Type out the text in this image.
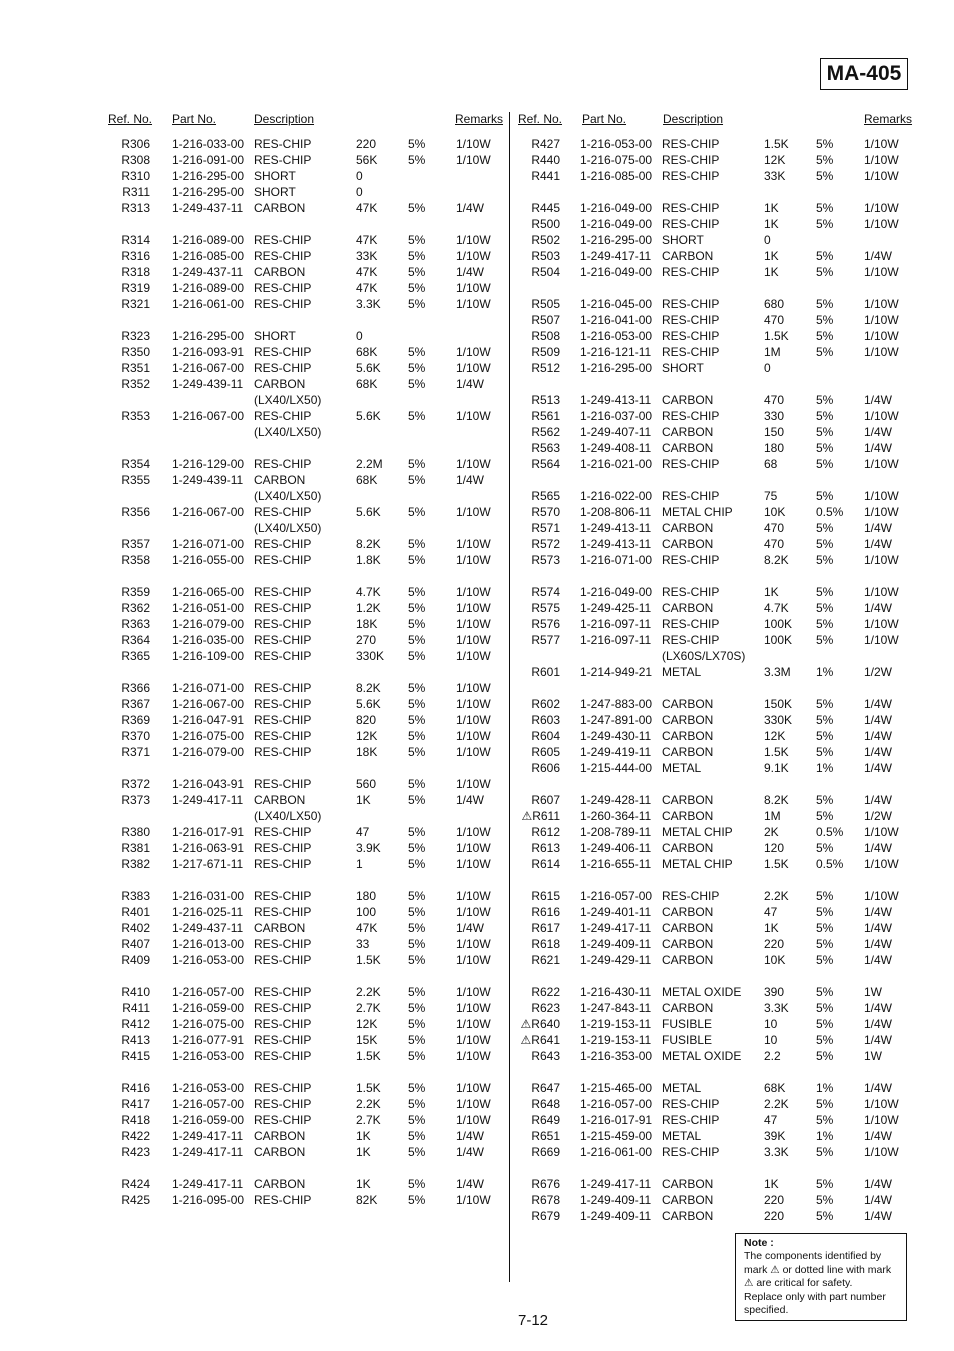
MA-405
Ref. No. Part No.	Description	Remarks
R306 1-216-033-00 RES-CHIP	220	5%	1/10W
R308 1-216-091-00 RES-CHIP	56K	5%	1/10W
R310 1-216-295-00 SHORT	0
R311 1-216-295-00 SHORT	0
R313 1-249-437-11 CARBON	47K	5%	1/4W
R314 1-216-089-00 RES-CHIP	47K	5%	1/10W
R316 1-216-085-00 RES-CHIP	33K	5%	1/10W
R318 1-249-437-11 CARBON	47K	5%	1/4W
R319 1-216-089-00 RES-CHIP	47K	5%	1/10W
R321 1-216-061-00 RES-CHIP	3.3K 5%	1/10W
R323 1-216-295-00 SHORT	0
R350 1-216-093-91 RES-CHIP	68K	5%	1/10W
R351 1-216-067-00 RES-CHIP	5.6K 5%	1/10W
R352 1-249-439-11 CARBON	68K	5%	1/4W
(LX40/LX50)
R353 1-216-067-00 RES-CHIP	5.6K 5%	1/10W
(LX40/LX50)
R354 1-216-129-00 RES-CHIP	2.2M 5%	1/10W
R355 1-249-439-11 CARBON	68K	5%	1/4W
(LX40/LX50)
R356 1-216-067-00 RES-CHIP	5.6K 5%	1/10W
(LX40/LX50)
R357 1-216-071-00 RES-CHIP	8.2K 5%	1/10W
R358 1-216-055-00 RES-CHIP	1.8K 5%	1/10W
R359 1-216-065-00 RES-CHIP	4.7K 5%	1/10W
R362 1-216-051-00 RES-CHIP	1.2K 5%	1/10W
R363 1-216-079-00 RES-CHIP	18K	5%	1/10W
R364 1-216-035-00 RES-CHIP	270	5%	1/10W
R365 1-216-109-00 RES-CHIP	330K 5%	1/10W
R366 1-216-071-00 RES-CHIP	8.2K 5%	1/10W
R367 1-216-067-00 RES-CHIP	5.6K 5%	1/10W
R369 1-216-047-91 RES-CHIP	820	5%	1/10W
R370 1-216-075-00 RES-CHIP	12K	5%	1/10W
R371 1-216-079-00 RES-CHIP	18K	5%	1/10W
R372 1-216-043-91 RES-CHIP	560	5%	1/10W
R373 1-249-417-11 CARBON	1K	5%	1/4W
(LX40/LX50)
R380 1-216-017-91 RES-CHIP	47	5%	1/10W
R381 1-216-063-91 RES-CHIP	3.9K 5%	1/10W
R382 1-217-671-11 RES-CHIP	1	5%	1/10W
R383 1-216-031-00 RES-CHIP	180	5%	1/10W
R401 1-216-025-11 RES-CHIP	100	5%	1/10W
R402 1-249-437-11 CARBON	47K	5%	1/4W
R407 1-216-013-00 RES-CHIP	33	5%	1/10W
R409 1-216-053-00 RES-CHIP	1.5K 5%	1/10W
R410 1-216-057-00 RES-CHIP	2.2K 5%	1/10W
R411 1-216-059-00 RES-CHIP	2.7K 5%	1/10W
R412 1-216-075-00 RES-CHIP	12K	5%	1/10W
R413 1-216-077-91 RES-CHIP	15K	5%	1/10W
R415 1-216-053-00 RES-CHIP	1.5K 5%	1/10W
R416 1-216-053-00 RES-CHIP	1.5K 5%	1/10W
R417 1-216-057-00 RES-CHIP	2.2K 5%	1/10W
R418 1-216-059-00 RES-CHIP	2.7K 5%	1/10W
R422 1-249-417-11 CARBON	1K	5%	1/4W
R423 1-249-417-11 CARBON	1K	5%	1/4W
R424 1-249-417-11 CARBON	1K	5%	1/4W
R425 1-216-095-00 RES-CHIP	82K	5%	1/10W
Ref. No. Part No.	Description	Remarks
R427 1-216-053-00 RES-CHIP	1.5K 5%	1/10W
R440 1-216-075-00 RES-CHIP	12K	5%	1/10W
R441 1-216-085-00 RES-CHIP	33K	5%	1/10W
R445 1-216-049-00 RES-CHIP	1K	5%	1/10W
R500 1-216-049-00 RES-CHIP	1K	5%	1/10W
R502 1-216-295-00 SHORT	0
R503 1-249-417-11 CARBON	1K	5%	1/4W
R504 1-216-049-00 RES-CHIP	1K	5%	1/10W
R505 1-216-045-00 RES-CHIP	680	5%	1/10W
R507 1-216-041-00 RES-CHIP	470	5%	1/10W
R508 1-216-053-00 RES-CHIP	1.5K 5%	1/10W
R509 1-216-121-11 RES-CHIP	1M	5%	1/10W
R512 1-216-295-00 SHORT	0
R513 1-249-413-11 CARBON	470	5%	1/4W
R561 1-216-037-00 RES-CHIP	330	5%	1/10W
R562 1-249-407-11 CARBON	150	5%	1/4W
R563 1-249-408-11 CARBON	180	5%	1/4W
R564 1-216-021-00 RES-CHIP	68	5%	1/10W
R565 1-216-022-00 RES-CHIP	75	5%	1/10W
R570 1-208-806-11 METAL CHIP	10K	0.5% 1/10W
R571 1-249-413-11 CARBON	470	5%	1/4W
R572 1-249-413-11 CARBON	470	5%	1/4W
R573 1-216-071-00 RES-CHIP	8.2K 5%	1/10W
R574 1-216-049-00 RES-CHIP	1K	5%	1/10W
R575 1-249-425-11 CARBON	4.7K 5%	1/4W
R576 1-216-097-11 RES-CHIP	100K 5%	1/10W
R577 1-216-097-11 RES-CHIP	100K 5%	1/10W
(LX60S/LX70S)
R601 1-214-949-21 METAL	3.3M 1%	1/2W
R602 1-247-883-00 CARBON	150K 5%	1/4W
R603 1-247-891-00 CARBON	330K 5%	1/4W
R604 1-249-430-11 CARBON	12K	5%	1/4W
R605 1-249-419-11 CARBON	1.5K 5%	1/4W
R606 1-215-444-00 METAL	9.1K 1%	1/4W
R607 1-249-428-11 CARBON	8.2K 5%	1/4W
⚠R611 1-260-364-11 CARBON	1M	5%	1/2W
R612 1-208-789-11 METAL CHIP	2K	0.5% 1/10W
R613 1-249-406-11 CARBON	120	5%	1/4W
R614 1-216-655-11 METAL CHIP	1.5K 0.5% 1/10W
R615 1-216-057-00 RES-CHIP	2.2K 5%	1/10W
R616 1-249-401-11 CARBON	47	5%	1/4W
R617 1-249-417-11 CARBON	1K	5%	1/4W
R618 1-249-409-11 CARBON	220	5%	1/4W
R621 1-249-429-11 CARBON	10K	5%	1/4W
R622 1-216-430-11 METAL OXIDE 390	5%	1W
R623 1-247-843-11 CARBON	3.3K 5%	1/4W
⚠R640 1-219-153-11 FUSIBLE	10	5%	1/4W
⚠R641 1-219-153-11 FUSIBLE	10	5%	1/4W
R643 1-216-353-00 METAL OXIDE 2.2	5%	1W
R647 1-215-465-00 METAL	68K	1%	1/4W
R648 1-216-057-00 RES-CHIP	2.2K 5%	1/10W
R649 1-216-017-91 RES-CHIP	47	5%	1/10W
R651 1-215-459-00 METAL	39K	1%	1/4W
R669 1-216-061-00 RES-CHIP	3.3K 5%	1/10W
R676 1-249-417-11 CARBON	1K	5%	1/4W
R678 1-249-409-11 CARBON	220	5%	1/4W
R679 1-249-409-11 CARBON	220	5%	1/4W
7-12
Note :
The components identified by
mark ⚠ or dotted line with mark
⚠ are critical for safety.
Replace only with part number
specified.
